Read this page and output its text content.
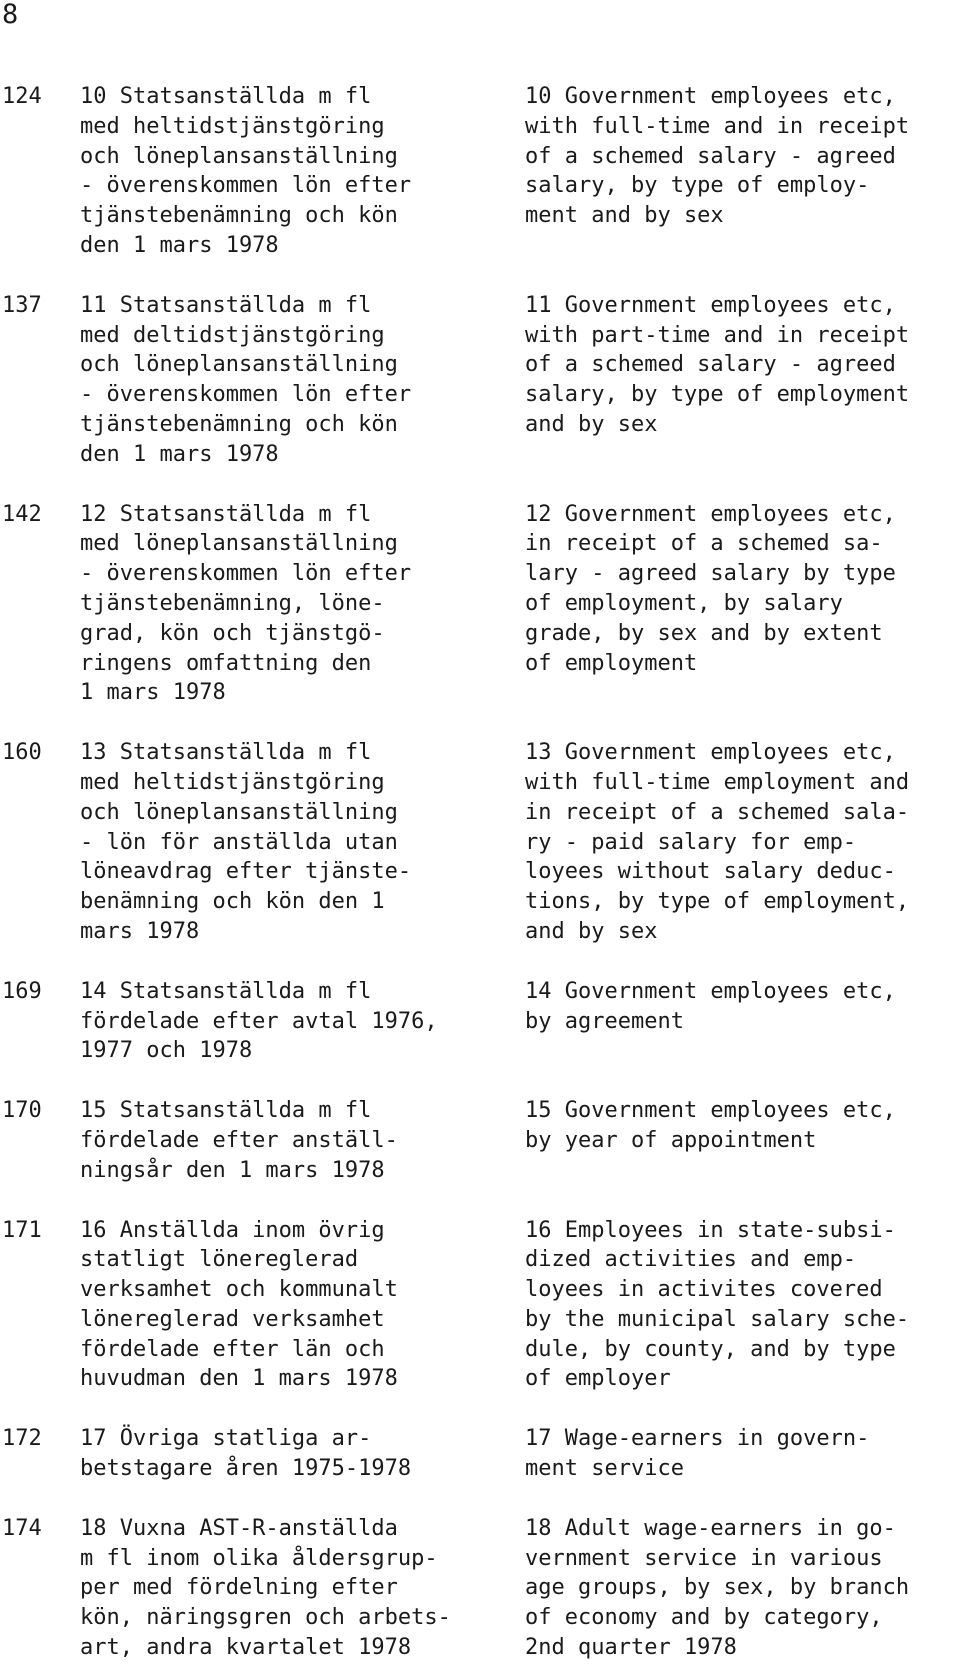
8
124	10 Statsanställda m fl
med heltidstjänstgöring
och löneplansanställning
- överenskommen lön efter
tjänstebenämning och kön
den 1 mars 1978
10 Government employees etc,
with full-time and in receipt
of a schemed salary - agreed
salary, by type of employ-
ment and by sex
137	11 Statsanställda m fl
med deltidstjänstgöring
och löneplansanställning
- överenskommen lön efter
tjänstebenämning och kön
den 1 mars 1978
11 Government employees etc,
with part-time and in receipt
of a schemed salary - agreed
salary, by type of employment
and by sex
142	12 Statsanställda m fl
med löneplansanställning
- överenskommen lön efter
tjänstebenämning, löne-
grad, kön och tjänstgö-
ringens omfattning den
1 mars 1978
12 Government employees etc,
in receipt of a schemed sa-
lary - agreed salary by type
of employment, by salary
grade, by sex and by extent
of employment
160	13 Statsanställda m fl
med heltidstjänstgöring
och löneplansanställning
- lön för anställda utan
löneavdrag efter tjänste-
benämning och kön den 1
mars 1978
13 Government employees etc,
with full-time employment and
in receipt of a schemed sala-
ry - paid salary for emp-
loyees without salary deduc-
tions, by type of employment,
and by sex
169	14 Statsanställda m fl
fördelade efter avtal 1976,
1977 och 1978
14 Government employees etc,
by agreement
170	15 Statsanställda m fl
fördelade efter anställ-
ningsår den 1 mars 1978
15 Government employees etc,
by year of appointment
171	16 Anställda inom övrig
statligt lönereglerad
verksamhet och kommunalt
lönereglerad verksamhet
fördelade efter län och
huvudman den 1 mars 1978
16 Employees in state-subsi-
dized activities and emp-
loyees in activites covered
by the municipal salary sche-
dule, by county, and by type
of employer
172	17 Övriga statliga ar-
betstagare åren 1975-1978
17 Wage-earners in govern-
ment service
174	18 Vuxna AST-R-anställda
m fl inom olika åldersgrup-
per med fördelning efter
kön, näringsgren och arbets-
art, andra kvartalet 1978
18 Adult wage-earners in go-
vernment service in various
age groups, by sex, by branch
of economy and by category,
2nd quarter 1978
